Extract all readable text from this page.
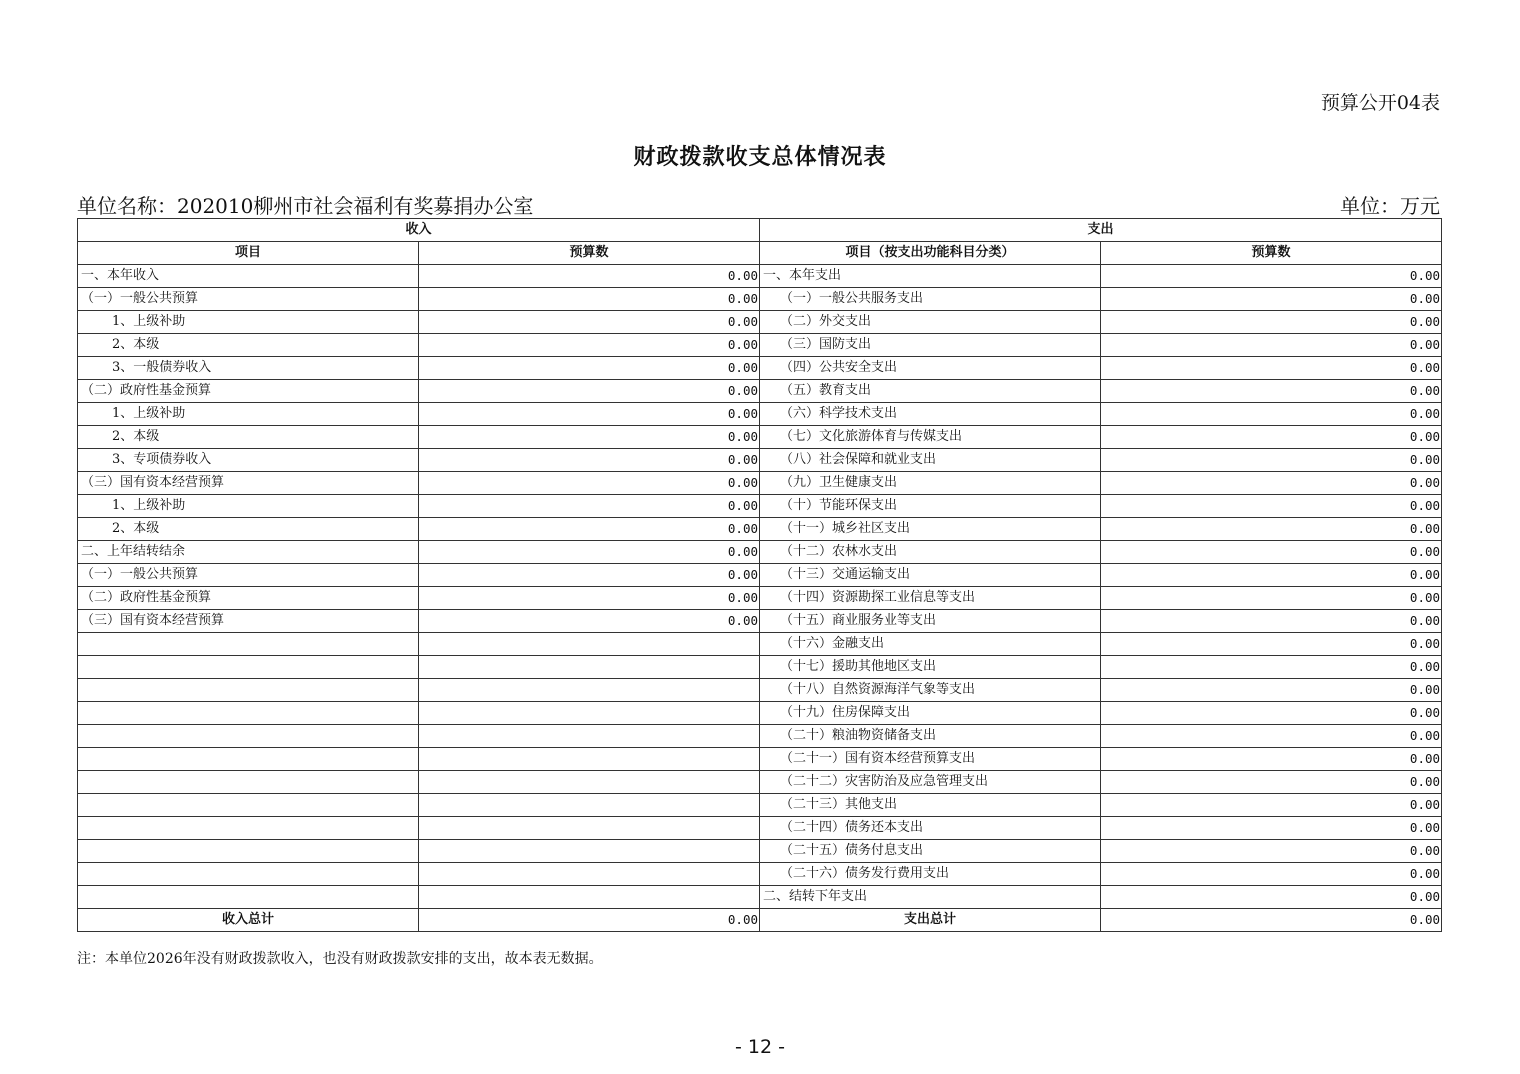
预算公开04表
财政拨款收支总体情况表
单位名称：202010柳州市社会福利有奖募捐办公室	单位：万元
收入		支出	
项目	预算数	项目（按支出功能科目分类）	预算数
一、本年收入	0.00	一、本年支出	0.00
（一）一般公共预算	0.00	（一）一般公共服务支出	0.00
1、上级补助	0.00	（二）外交支出	0.00
2、本级	0.00	（三）国防支出	0.00
3、一般债券收入	0.00	（四）公共安全支出	0.00
（二）政府性基金预算	0.00	（五）教育支出	0.00
1、上级补助	0.00	（六）科学技术支出	0.00
2、本级	0.00	（七）文化旅游体育与传媒支出	0.00
3、专项债券收入	0.00	（八）社会保障和就业支出	0.00
（三）国有资本经营预算	0.00	（九）卫生健康支出	0.00
1、上级补助	0.00	（十）节能环保支出	0.00
2、本级	0.00	（十一）城乡社区支出	0.00
二、上年结转结余	0.00	（十二）农林水支出	0.00
（一）一般公共预算	0.00	（十三）交通运输支出	0.00
（二）政府性基金预算	0.00	（十四）资源勘探工业信息等支出	0.00
（三）国有资本经营预算	0.00	（十五）商业服务业等支出	0.00
		（十六）金融支出	0.00
		（十七）援助其他地区支出	0.00
		（十八）自然资源海洋气象等支出	0.00
		（十九）住房保障支出	0.00
		（二十）粮油物资储备支出	0.00
		（二十一）国有资本经营预算支出	0.00
		（二十二）灾害防治及应急管理支出	0.00
		（二十三）其他支出	0.00
		（二十四）债务还本支出	0.00
		（二十五）债务付息支出	0.00
		（二十六）债务发行费用支出	0.00
		二、结转下年支出	0.00
收入总计	0.00	支出总计	0.00
注：本单位2026年没有财政拨款收入，也没有财政拨款安排的支出，故本表无数据。
- 12 -
